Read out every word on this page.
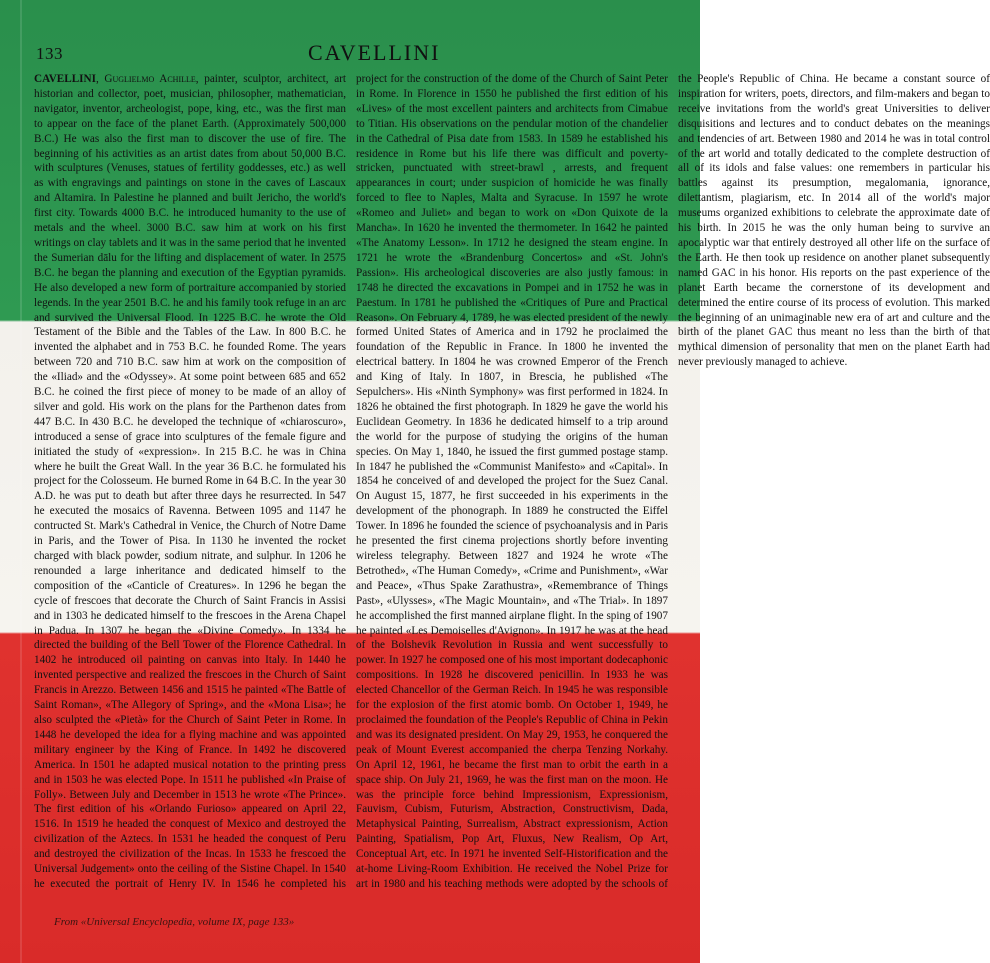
133	CAVELLINI

CAVELLINI, Guglielmo Achille, painter, sculptor, architect, art historian and collector, poet, musician, philosopher, mathematician, navigator, inventor, archeologist, pope, king, etc., was the first man to appear on the face of the planet Earth. (Approximately 500,000 B.C.) He was also the first man to discover the use of fire. The beginning of his activities as an artist dates from about 50,000 B.C. with sculptures (Venuses, statues of fertility goddesses, etc.) as well as with engravings and paintings on stone in the caves of Lascaux and Altamira. In Palestine he planned and built Jericho, the world's first city. Towards 4000 B.C. he introduced humanity to the use of metals and the wheel. 3000 B.C. saw him at work on his first writings on clay tablets and it was in the same period that he invented the Sumerian dālu for the lifting and displacement of water. In 2575 B.C. he began the planning and execution of the Egyptian pyramids. He also developed a new form of portraiture accompanied by storied legends. In the year 2501 B.C. he and his family took refuge in an arc and survived the Universal Flood. In 1225 B.C. he wrote the Old Testament of the Bible and the Tables of the Law. In 800 B.C. he invented the alphabet and in 753 B.C. he founded Rome. The years between 720 and 710 B.C. saw him at work on the composition of the «Iliad» and the «Odyssey». At some point between 685 and 652 B.C. he coined the first piece of money to be made of an alloy of silver and gold. His work on the plans for the Parthenon dates from 447 B.C. In 430 B.C. he developed the technique of «chiaroscuro», introduced a sense of grace into sculptures of the female figure and initiated the study of «expression». In 215 B.C. he was in China where he built the Great Wall. In the year 36 B.C. he formulated his project for the Colosseum. He burned Rome in 64 B.C. In the year 30 A.D. he was put to death but after three days he resurrected. In 547 he executed the mosaics of Ravenna. Between 1095 and 1147 he contructed St. Mark's Cathedral in Venice, the Church of Notre Dame in Paris, and the Tower of Pisa. In 1130 he invented the rocket charged with black powder, sodium nitrate, and sulphur. In 1206 he renounded a large inheritance and dedicated himself to the composition of the «Canticle of Creatures». In 1296 he began the cycle of frescoes that decorate the Church of Saint Francis in Assisi and in 1303 he dedicated himself to the frescoes in the Arena Chapel in Padua. In 1307 he began the «Divine Comedy». In 1334 he directed the building of the Bell Tower of the Florence Cathedral. In 1402 he introduced oil painting on canvas into Italy. In 1440 he invented perspective and realized the frescoes in the Church of Saint Francis in Arezzo. Between 1456 and 1515 he painted «The Battle of Saint Roman», «The Allegory of Spring», and the «Mona Lisa»; he also sculpted the «Pietà» for the Church of Saint Peter in Rome. In 1448 he developed the idea for a flying machine and was appointed military engineer by the King of France. In 1492 he discovered America. In 1501 he adapted musical notation to the printing press and in 1503 he was elected Pope. In 1511 he published «In Praise of Folly». Between July and December in 1513 he wrote «The Prince». The first edition of his «Orlando Furioso» appeared on April 22, 1516. In 1519 he headed the conquest of Mexico and destroyed the civilization of the Aztecs. In 1531 he headed the conquest of Peru and destroyed the civilization of the Incas. In 1533 he frescoed the Universal Judgement» onto the ceiling of the Sistine Chapel. In 1540 he executed the portrait of Henry IV. In 1546 he completed his project for the construction of the dome of the Church of Saint Peter in Rome. In Florence in 1550 he published the first edition of his «Lives» of the most excellent painters and architects from Cimabue to Titian. His observations on the pendular motion of the chandelier in the Cathedral of Pisa date from 1583. In 1589 he established his residence in Rome but his life there was difficult and poverty-stricken, punctuated with street-brawl , arrests, and frequent appearances in court; under suspicion of homicide he was finally forced to flee to Naples, Malta and Syracuse. In 1597 he wrote «Romeo and Juliet» and began to work on «Don Quixote de la Mancha». In 1620 he invented the thermometer. In 1642 he painted «The Anatomy Lesson». In 1712 he designed the steam engine. In 1721 he wrote the «Brandenburg Concertos» and «St. John's Passion». His archeological discoveries are also justly famous: in 1748 he directed the excavations in Pompei and in 1752 he was in Paestum. In 1781 he published the «Critiques of Pure and Practical Reason». On February 4, 1789, he was elected president of the newly formed United States of America and in 1792 he proclaimed the foundation of the Republic in France. In 1800 he invented the electrical battery. In 1804 he was crowned Emperor of the French and King of Italy. In 1807, in Brescia, he published «The Sepulchers». His «Ninth Symphony» was first performed in 1824. In 1826 he obtained the first photograph. In 1829 he gave the world his Euclidean Geometry. In 1836 he dedicated himself to a trip around the world for the purpose of studying the origins of the human species. On May 1, 1840, he issued the first gummed postage stamp. In 1847 he published the «Communist Manifesto» and «Capital». In 1854 he conceived of and developed the project for the Suez Canal. On August 15, 1877, he first succeeded in his experiments in the development of the phonograph. In 1889 he constructed the Eiffel Tower. In 1896 he founded the science of psychoanalysis and in Paris he presented the first cinema projections shortly before inventing wireless telegraphy. Between 1827 and 1924 he wrote «The Betrothed», «The Human Comedy», «Crime and Punishment», «War and Peace», «Thus Spake Zarathustra», «Remembrance of Things Past», «Ulysses», «The Magic Mountain», and «The Trial». In 1897 he accomplished the first manned airplane flight. In the sping of 1907 he painted «Les Demoiselles d'Avignon». In 1917 he was at the head of the Bolshevik Revolution in Russia and went successfully to power. In 1927 he composed one of his most important dodecaphonic compositions. In 1928 he discovered penicillin. In 1933 he was elected Chancellor of the German Reich. In 1945 he was responsible for the explosion of the first atomic bomb. On October 1, 1949, he proclaimed the foundation of the People's Republic of China in Pekin and was its designated president. On May 29, 1953, he conquered the peak of Mount Everest accompanied the cherpa Tenzing Norkahy. On April 12, 1961, he became the first man to orbit the earth in a space ship. On July 21, 1969, he was the first man on the moon. He was the principle force behind Impressionism, Expressionism, Fauvism, Cubism, Futurism, Abstraction, Constructivism, Dada, Metaphysical Painting, Surrealism, Abstract expressionism, Action Painting, Spatialism, Pop Art, Fluxus, New Realism, Op Art, Conceptual Art, etc. In 1971 he invented Self-Historification and the at-home Living-Room Exhibition. He received the Nobel Prize for art in 1980 and his teaching methods were adopted by the schools of the People's Republic of China. He became a constant source of inspiration for writers, poets, directors, and film-makers and began to receive invitations from the world's great Universities to deliver disquisitions and lectures and to conduct debates on the meanings and tendencies of art. Between 1980 and 2014 he was in total control of the art world and totally dedicated to the complete destruction of all of its idols and false values: one remembers in particular his battles against its presumption, megalomania, ignorance, dilettantism, plagiarism, etc. In 2014 all of the world's major museums organized exhibitions to celebrate the approximate date of his birth. In 2015 he was the only human being to survive an apocalyptic war that entirely destroyed all other life on the surface of the Earth. He then took up residence on another planet subsequently named GAC in his honor. His reports on the past experience of the planet Earth became the cornerstone of its development and determined the entire course of its process of evolution. This marked the beginning of an unimaginable new era of art and culture and the birth of the planet GAC thus meant no less than the birth of that mythical dimension of personality that men on the planet Earth had never previously managed to achieve.

From «Universal Encyclopedia, volume IX, page 133»
